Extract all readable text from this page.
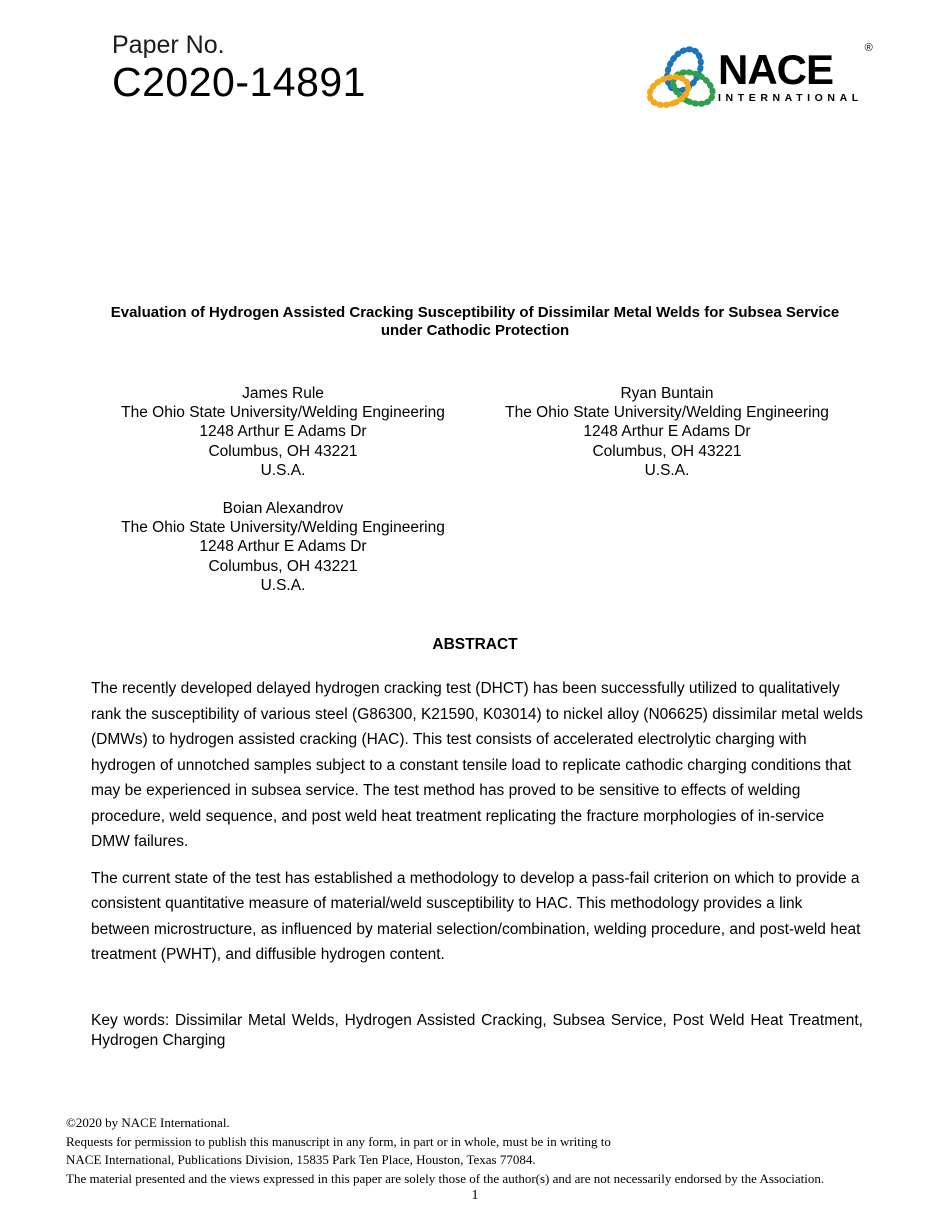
Paper No.
C2020-14891	NACE	®
INTERNATIONAL
Evaluation of Hydrogen Assisted Cracking Susceptibility of Dissimilar Metal Welds for Subsea Service
under Cathodic Protection
James Rule
The Ohio State University/Welding Engineering
1248 Arthur E Adams Dr
Columbus, OH 43221
U.S.A.
Ryan Buntain
The Ohio State University/Welding Engineering
1248 Arthur E Adams Dr
Columbus, OH 43221
U.S.A.
Boian Alexandrov
The Ohio State University/Welding Engineering
1248 Arthur E Adams Dr
Columbus, OH 43221
U.S.A.
ABSTRACT

The recently developed delayed hydrogen cracking test (DHCT) has been successfully utilized to qualitatively rank the susceptibility of various steel (G86300, K21590, K03014) to nickel alloy (N06625) dissimilar metal welds (DMWs) to hydrogen assisted cracking (HAC). This test consists of accelerated electrolytic charging with hydrogen of unnotched samples subject to a constant tensile load to replicate cathodic charging conditions that may be experienced in subsea service. The test method has proved to be sensitive to effects of welding procedure, weld sequence, and post weld heat treatment replicating the fracture morphologies of in-service DMW failures.

The current state of the test has established a methodology to develop a pass-fail criterion on which to provide a consistent quantitative measure of material/weld susceptibility to HAC. This methodology provides a link between microstructure, as influenced by material selection/combination, welding procedure, and post-weld heat treatment (PWHT), and diffusible hydrogen content.

Key words: Dissimilar Metal Welds, Hydrogen Assisted Cracking, Subsea Service, Post Weld Heat Treatment, Hydrogen Charging
©2020 by NACE International.
Requests for permission to publish this manuscript in any form, in part or in whole, must be in writing to
NACE International, Publications Division, 15835 Park Ten Place, Houston, Texas 77084.
The material presented and the views expressed in this paper are solely those of the author(s) and are not necessarily endorsed by the Association.
1
